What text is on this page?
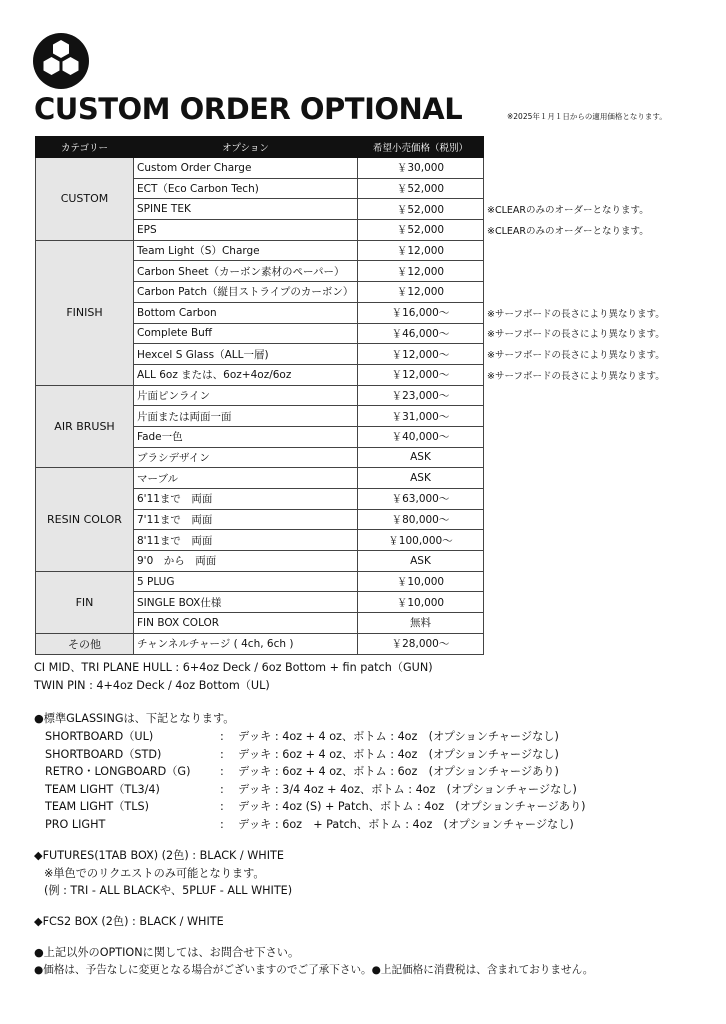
CUSTOM ORDER OPTIONAL	※2025年１月１日からの適用価格となります。
カテゴリー	オプション	希望小売価格（税別）	
CUSTOM	Custom Order Charge	￥30,000	
	ECT（Eco Carbon Tech)	￥52,000	
	SPINE TEK	￥52,000	※CLEARのみのオーダーとなります。
	EPS	￥52,000	※CLEARのみのオーダーとなります。
FINISH	Team Light（S）Charge	￥12,000	
	Carbon Sheet（カーボン素材のペーパー）	￥12,000	
	Carbon Patch（縦目ストライプのカーボン）	￥12,000	
	Bottom Carbon	￥16,000〜	※サーフボードの長さにより異なります。
	Complete Buff	￥46,000〜	※サーフボードの長さにより異なります。
	Hexcel S Glass（ALL一層)	￥12,000〜	※サーフボードの長さにより異なります。
	ALL 6oz または、6oz+4oz/6oz	￥12,000〜	※サーフボードの長さにより異なります。
AIR BRUSH	片面ピンライン	￥23,000〜	
	片面または両面一面	￥31,000〜	
	Fade一色	￥40,000〜	
	ブラシデザイン	ASK	
RESIN COLOR	マーブル	ASK	
	6'11まで　両面	￥63,000〜	
	7'11まで　両面	￥80,000〜	
	8'11まで　両面	￥100,000〜	
	9'0　から　両面	ASK	
FIN	5 PLUG	￥10,000	
	SINGLE BOX仕様	￥10,000	
	FIN BOX COLOR	無料	
その他	チャンネルチャージ ( 4ch, 6ch )	￥28,000〜	
CI MID、TRI PLANE HULL : 6+4oz Deck / 6oz Bottom + fin patch（GUN)
TWIN PIN : 4+4oz Deck / 4oz Bottom（UL)
●標準GLASSINGは、下記となります。
SHORTBOARD（UL)	: デッキ : 4oz + 4 oz、ボトム : 4oz　(オプションチャージなし)
SHORTBOARD（STD)	: デッキ : 6oz + 4 oz、ボトム : 4oz　(オプションチャージなし)
RETRO・LONGBOARD（G)	: デッキ : 6oz + 4 oz、ボトム : 6oz　(オプションチャージあり)
TEAM LIGHT（TL3/4)	: デッキ : 3/4 4oz + 4oz、ボトム : 4oz　(オプションチャージなし)
TEAM LIGHT（TLS)	: デッキ : 4oz (S) + Patch、ボトム : 4oz　(オプションチャージあり)
PRO LIGHT	: デッキ : 6oz　+ Patch、ボトム : 4oz　(オプションチャージなし)
◆FUTURES(1TAB BOX) (2色) : BLACK / WHITE
※単色でのリクエストのみ可能となります。
(例 : TRI - ALL BLACKや、5PLUF - ALL WHITE)
◆FCS2 BOX (2色) : BLACK / WHITE
●上記以外のOPTIONに関しては、お問合せ下さい。
●価格は、予告なしに変更となる場合がございますのでご了承下さい。●上記価格に消費税は、含まれておりません。
